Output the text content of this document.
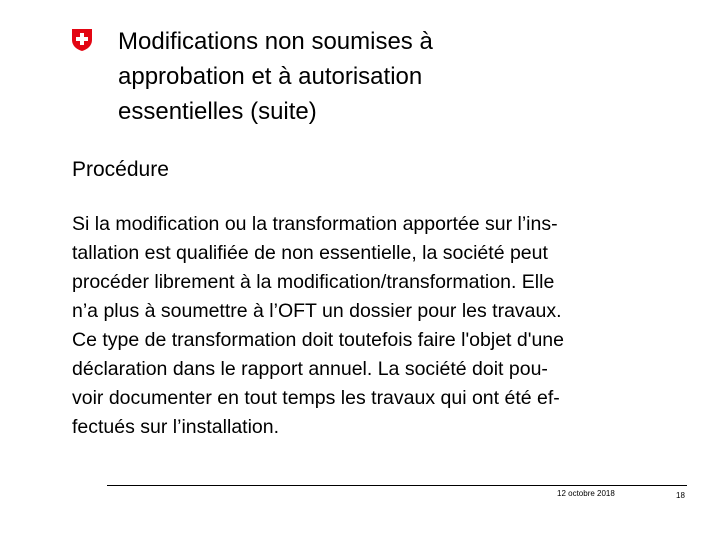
Modifications non soumises à
approbation et à autorisation
essentielles (suite)
Procédure

Si la modification ou la transformation apportée sur l’ins-
tallation est qualifiée de non essentielle, la société peut
procéder librement à la modification/transformation. Elle
n’a plus à soumettre à l’OFT un dossier pour les travaux.
Ce type de transformation doit toutefois faire l'objet d'une
déclaration dans le rapport annuel. La société doit pou-
voir documenter en tout temps les travaux qui ont été ef-
fectués sur l’installation.

12 octobre 2018	18
